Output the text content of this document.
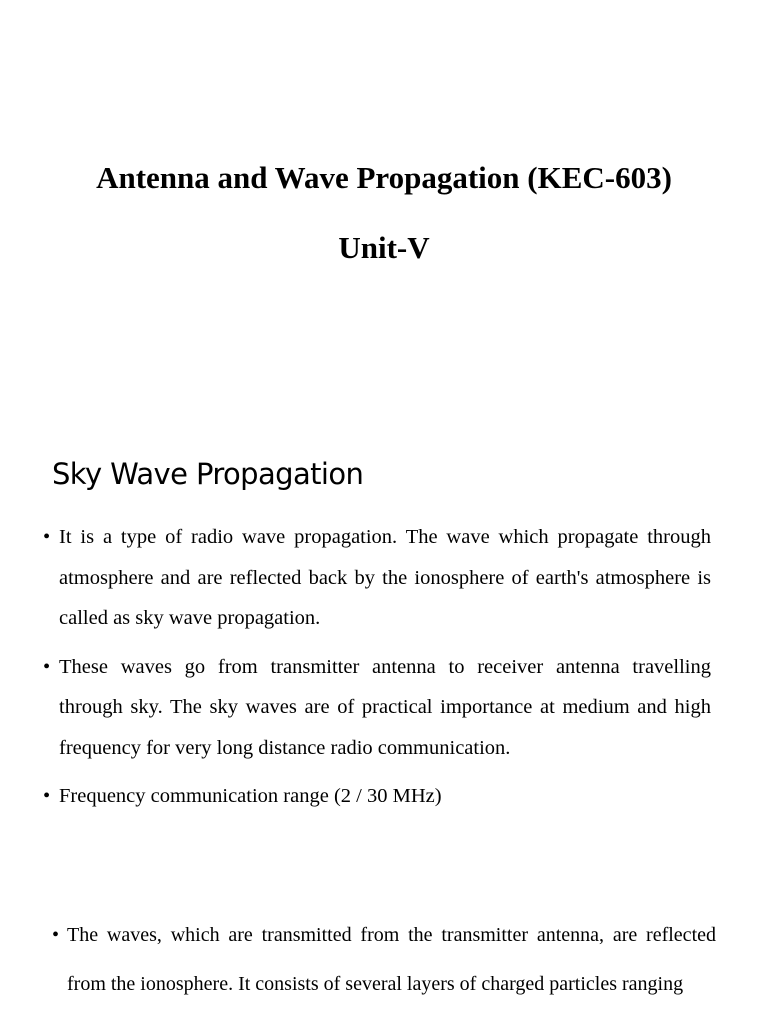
Antenna and Wave Propagation (KEC-603)
Unit-V
Sky Wave Propagation
• It is a type of radio wave propagation. The wave which propagate through atmosphere and are reflected back by the ionosphere of earth's atmosphere is called as sky wave propagation.
• These waves go from transmitter antenna to receiver antenna travelling through sky. The sky waves are of practical importance at medium and high frequency for very long distance radio communication.
• Frequency communication range (2 / 30 MHz)
• The waves, which are transmitted from the transmitter antenna, are reflected from the ionosphere. It consists of several layers of charged particles ranging
